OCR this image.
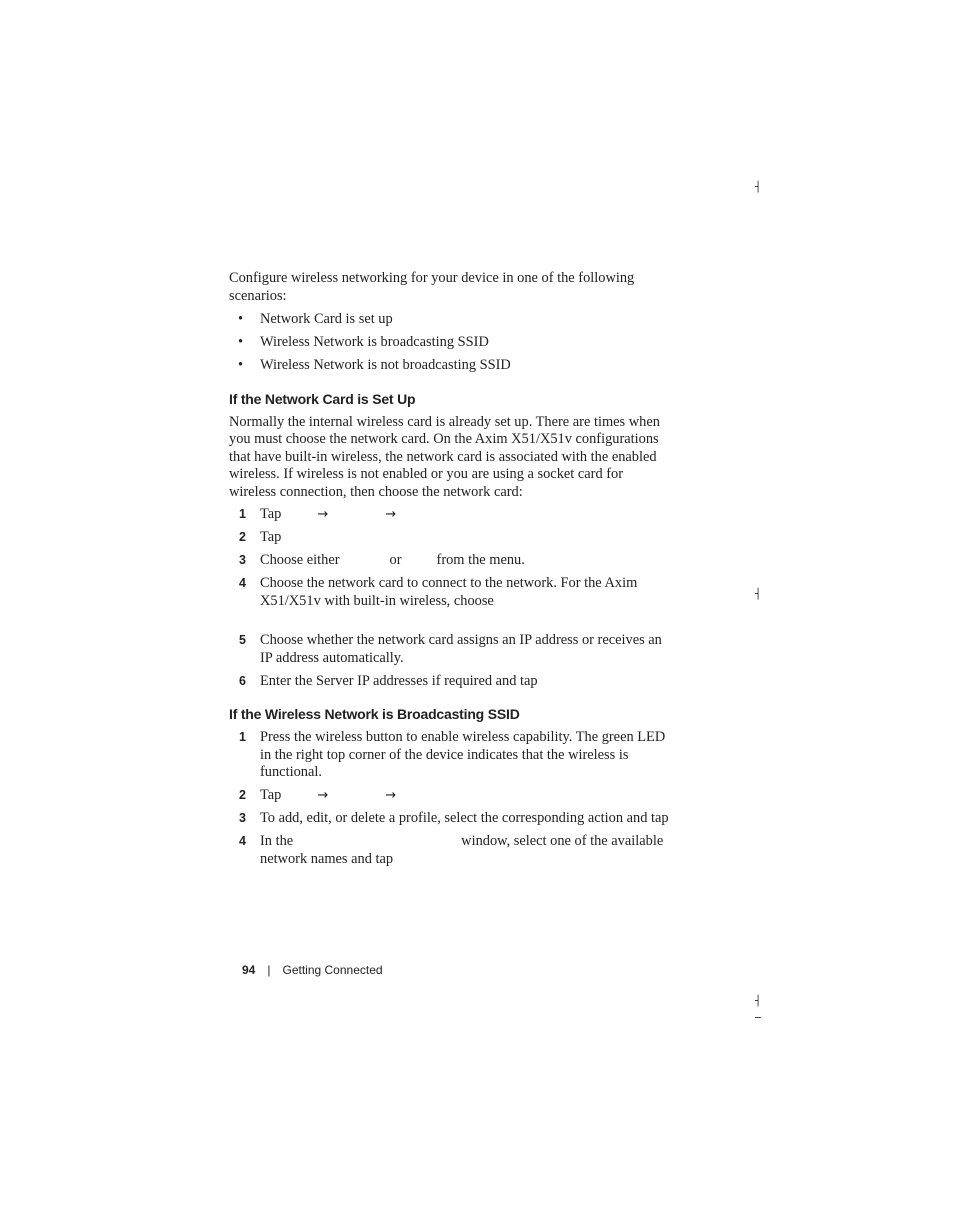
┤
┤
┤
─

Configure wireless networking for your device in one of the following scenarios:

• Network Card is set up
• Wireless Network is broadcasting SSID
• Wireless Network is not broadcasting SSID
If the Network Card is Set Up

Normally the internal wireless card is already set up. There are times when you must choose the network card. On the Axim X51/X51v configurations that have built-in wireless, the network card is associated with the enabled wireless. If wireless is not enabled or you are using a socket card for wireless connection, then choose the network card:

1 Tap	→	→
2 Tap
3 Choose either	or from the menu.
4 Choose the network card to connect to the network. For the Axim X51/X51v with built-in wireless, choose
5 Choose whether the network card assigns an IP address or receives an IP address automatically.
6 Enter the Server IP addresses if required and tap
If the Wireless Network is Broadcasting SSID
1 Press the wireless button to enable wireless capability. The green LED in the right top corner of the device indicates that the wireless is functional.
2 Tap	→	→
3 To add, edit, or delete a profile, select the corresponding action and tap
4 In the	window, select one of the available network names and tap
94 | Getting Connected
